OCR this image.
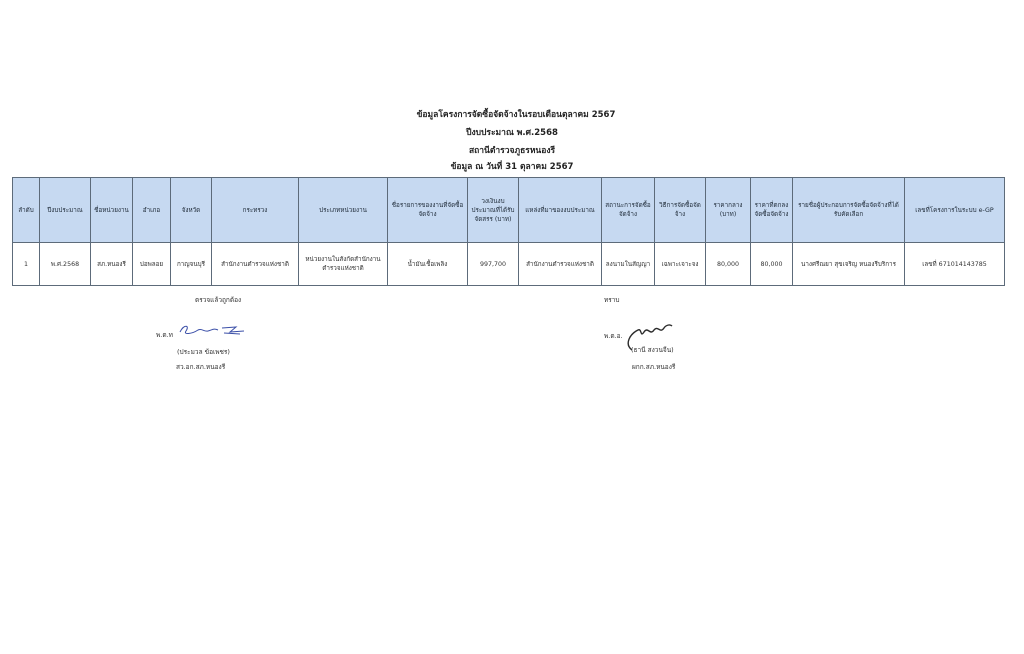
ข้อมูลโครงการจัดซื้อจัดจ้างในรอบเดือนตุลาคม 2567
ปีงบประมาณ พ.ศ.2568
สถานีตำรวจภูธรหนองรี
ข้อมูล ณ วันที่ 31 ตุลาคม 2567
ลำดับ	ปีงบประมาณ	ชื่อหน่วยงาน	อำเภอ	จังหวัด	กระทรวง	ประเภทหน่วยงาน	ชื่อรายการของงานที่จัดซื้อจัดจ้าง	วงเงินงบประมาณที่ได้รับจัดสรร (บาท)	แหล่งที่มาของงบประมาณ	สถานะการจัดซื้อจัดจ้าง	วิธีการจัดซื้อจัดจ้าง	ราคากลาง (บาท)	ราคาที่ตกลงจัดซื้อจัดจ้าง	รายชื่อผู้ประกอบการจัดซื้อจัดจ้างที่ได้รับคัดเลือก	เลขที่โครงการในระบบ e-GP
1	พ.ศ.2568	สภ.หนองรี	บ่อพลอย	กาญจนบุรี	สำนักงานตำรวจแห่งชาติ	หน่วยงานในสังกัดสำนักงานตำรวจแห่งชาติ	น้ำมันเชื้อเพลิง	997,700	สำนักงานตำรวจแห่งชาติ	ลงนามในสัญญา	เฉพาะเจาะจง	80,000	80,000	นางศรีณยา สุขเจริญ หนองรีบริการ	เลขที่ 671014143785
ตรวจแล้วถูกต้อง
พ.ต.ท
(ประมวล ข้อเพชร)
สว.อก.สภ.หนองรี
ทราบ
พ.ต.อ.
(ธานี สงวนจีน)
ผกก.สภ.หนองรี
